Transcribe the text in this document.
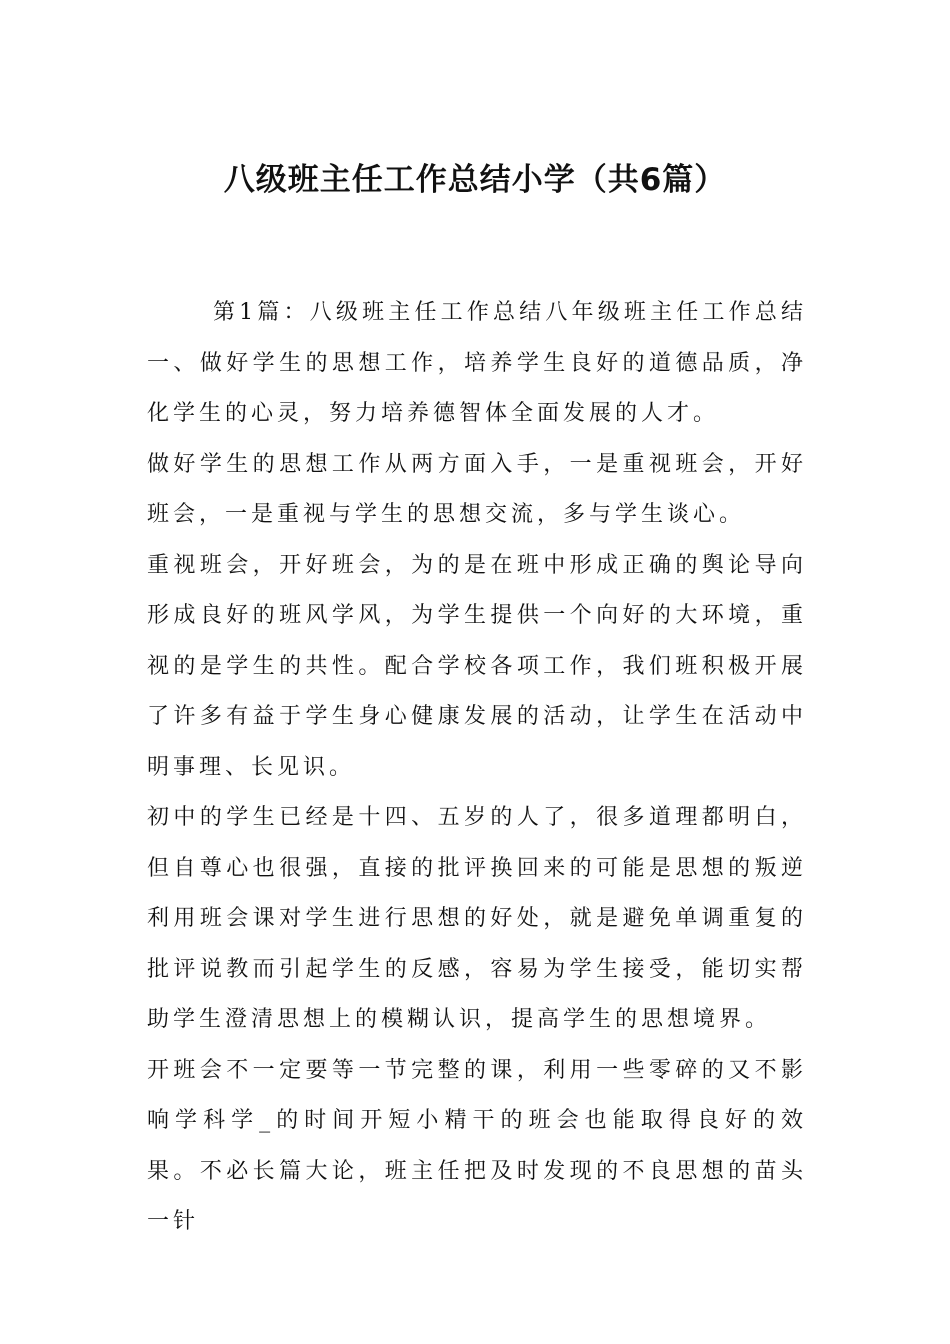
八级班主任工作总结小学（共6篇）

第1篇：八级班主任工作总结八年级班主任工作总结一、做好学生的思想工作，培养学生良好的道德品质，净化学生的心灵，努力培养德智体全面发展的人才。

做好学生的思想工作从两方面入手，一是重视班会，开好班会，一是重视与学生的思想交流，多与学生谈心。

重视班会，开好班会，为的是在班中形成正确的舆论导向形成良好的班风学风，为学生提供一个向好的大环境，重视的是学生的共性。配合学校各项工作，我们班积极开展了许多有益于学生身心健康发展的活动，让学生在活动中明事理、长见识。

初中的学生已经是十四、五岁的人了，很多道理都明白，但自尊心也很强，直接的批评换回来的可能是思想的叛逆利用班会课对学生进行思想的好处，就是避免单调重复的批评说教而引起学生的反感，容易为学生接受，能切实帮助学生澄清思想上的模糊认识，提高学生的思想境界。

开班会不一定要等一节完整的课，利用一些零碎的又不影响学科学_的时间开短小精干的班会也能取得良好的效果。不必长篇大论，班主任把及时发现的不良思想的苗头一针
